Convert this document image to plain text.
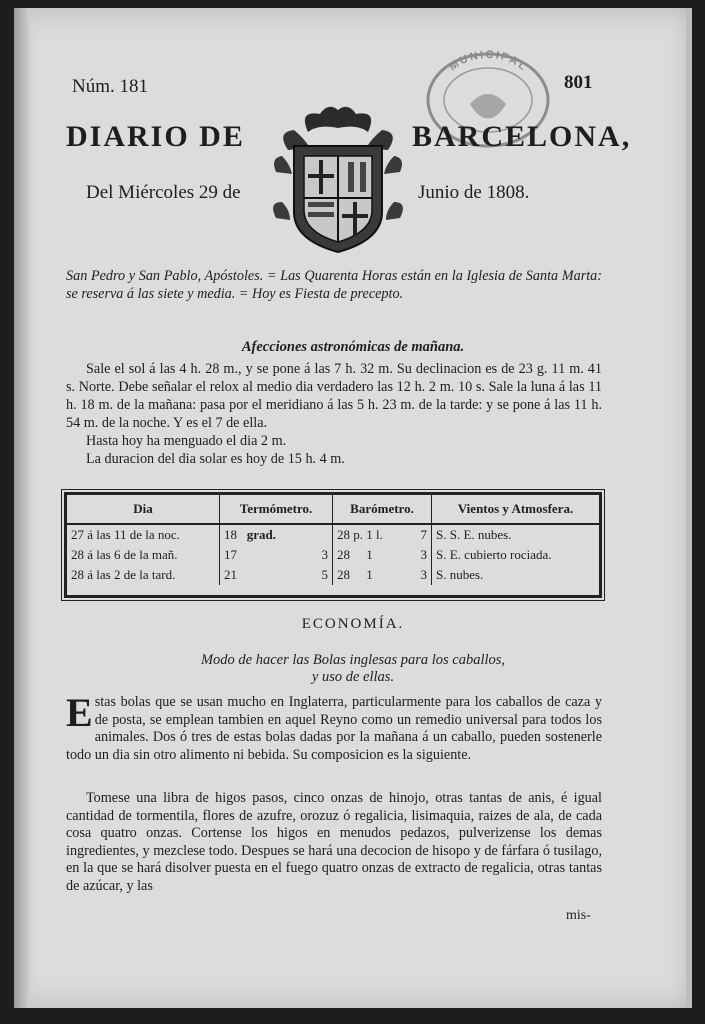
Núm. 181	801
MUNICIPAL
DIARIO DE	BARCELONA,
Del Miércoles 29 de	Junio de 1808.
San Pedro y San Pablo, Apóstoles. = Las Quarenta Horas están en la Iglesia de Santa Marta: se reserva á las siete y media. = Hoy es Fiesta de precepto.
Afecciones astronómicas de mañana.
Sale el sol á las 4 h. 28 m., y se pone á las 7 h. 32 m. Su declinacion es de 23 g. 11 m. 41 s. Norte. Debe señalar el relox al medio dia verdadero las 12 h. 2 m. 10 s. Sale la luna á las 11 h. 18 m. de la mañana: pasa por el meridiano á las 5 h. 23 m. de la tarde: y se pone á las 11 h. 54 m. de la noche. Y es el 7 de ella.
Hasta hoy ha menguado el dia 2 m.
La duracion del dia solar es hoy de 15 h. 4 m.
Dia	Termómetro.	Barómetro.	Vientos y Atmosfera.
27 á las 11 de la noc.	18 grad.	28 p. 1 l. 7	S. S. E. nubes.
28 á las 6 de la mañ.	17 3	28 1 3	S. E. cubierto rociada.
28 á las 2 de la tard.	21 5	28 1 3	S. nubes.
ECONOMÍA.
Modo de hacer las Bolas inglesas para los caballos,
y uso de ellas.
Estas bolas que se usan mucho en Inglaterra, particularmente para los caballos de caza y de posta, se emplean tambien en aquel Reyno como un remedio universal para todos los animales. Dos ó tres de estas bolas dadas por la mañana á un caballo, pueden sostenerle todo un dia sin otro alimento ni bebida. Su composicion es la siguiente.
Tomese una libra de higos pasos, cinco onzas de hinojo, otras tantas de anis, é igual cantidad de tormentila, flores de azufre, orozuz ó regalicia, lisimaquia, raizes de ala, de cada cosa quatro onzas. Cortense los higos en menudos pedazos, pulverizense los demas ingredientes, y mezclese todo. Despues se hará una decocion de hisopo y de fárfara ó tusilago, en la que se hará disolver puesta en el fuego quatro onzas de extracto de regalicia, otras tantas de azúcar, y las
mis-
